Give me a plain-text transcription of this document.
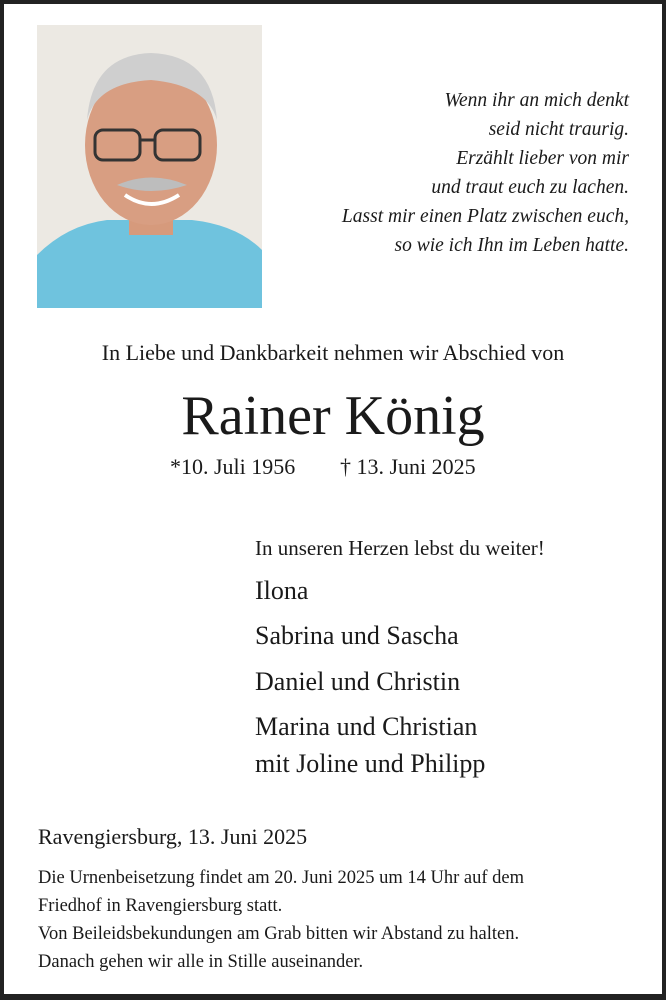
Wenn ihr an mich denkt
seid nicht traurig.
Erzählt lieber von mir
und traut euch zu lachen.
Lasst mir einen Platz zwischen euch,
so wie ich Ihn im Leben hatte.
In Liebe und Dankbarkeit nehmen wir Abschied von
Rainer König
*10. Juli 1956 † 13. Juni 2025
In unseren Herzen lebst du weiter!
Ilona
Sabrina und Sascha
Daniel und Christin
Marina und Christian
mit Joline und Philipp
Ravengiersburg, 13. Juni 2025
Die Urnenbeisetzung findet am 20. Juni 2025 um 14 Uhr auf dem
Friedhof in Ravengiersburg statt.
Von Beileidsbekundungen am Grab bitten wir Abstand zu halten.
Danach gehen wir alle in Stille auseinander.
